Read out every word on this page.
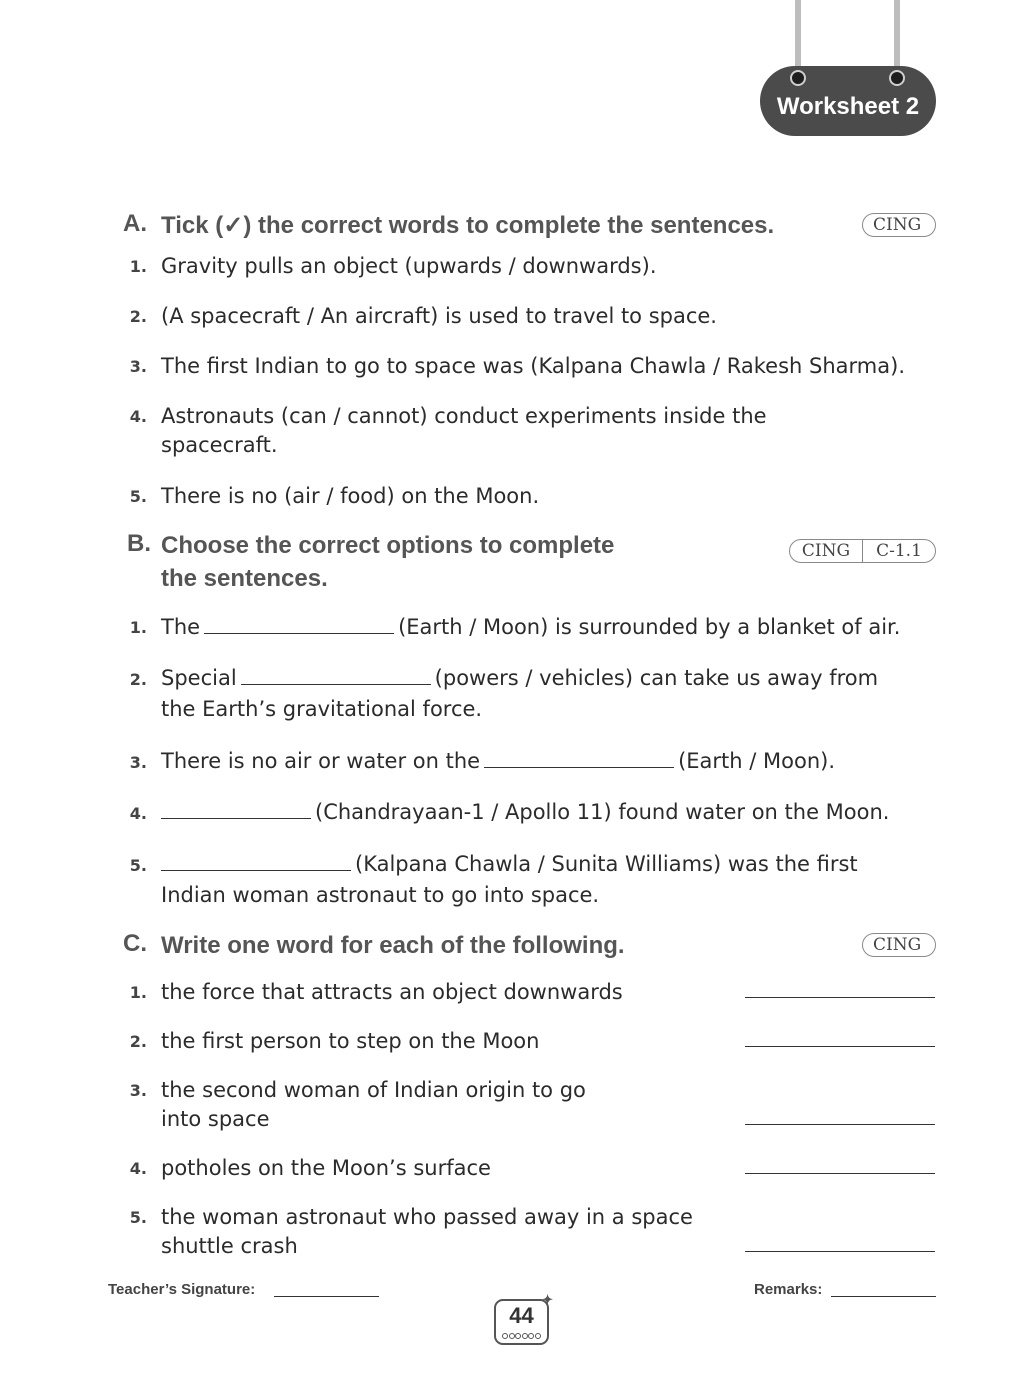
Worksheet 2
A. Tick (✓) the correct words to complete the sentences.	CING
1. Gravity pulls an object (upwards / downwards).
2. (A spacecraft / An aircraft) is used to travel to space.
3. The first Indian to go to space was (Kalpana Chawla / Rakesh Sharma).
4. Astronauts (can / cannot) conduct experiments inside the
spacecraft.
5. There is no (air / food) on the Moon.
B. Choose the correct options to complete
the sentences.
CING	C-1.1
1. The	(Earth / Moon) is surrounded by a blanket of air.
2. Special	(powers / vehicles) can take us away from
the Earth’s gravitational force.
3. There is no air or water on the	(Earth / Moon).
4.	(Chandrayaan-1 / Apollo 11) found water on the Moon.
5.	(Kalpana Chawla / Sunita Williams) was the first
Indian woman astronaut to go into space.
C. Write one word for each of the following.	CING
1. the force that attracts an object downwards
2. the first person to step on the Moon
3. the second woman of Indian origin to go
into space
4. potholes on the Moon’s surface
5. the woman astronaut who passed away in a space
shuttle crash
Teacher’s Signature:	Remarks:
44
✦
